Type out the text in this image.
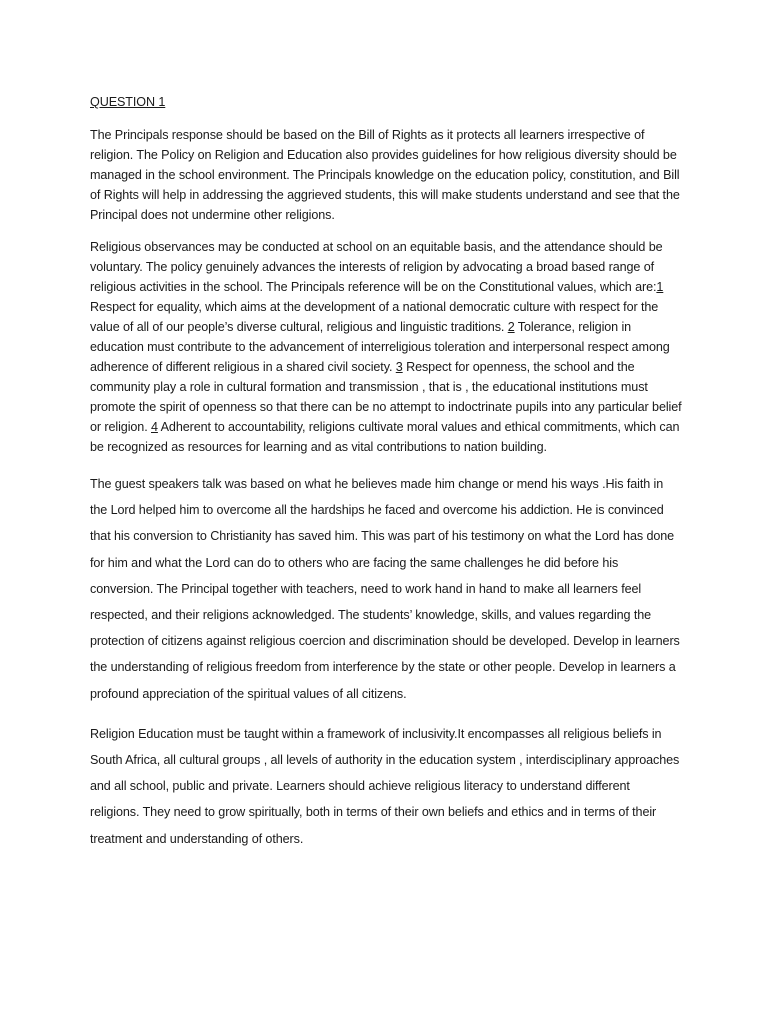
QUESTION 1

The Principals response should be based on the Bill of Rights as it protects all learners irrespective of religion. The Policy on Religion and Education also provides guidelines for how religious diversity should be managed in the school environment. The Principals knowledge on the education policy, constitution, and Bill of Rights will help in addressing the aggrieved students, this will make students understand and see that the Principal does not undermine other religions.

Religious observances may be conducted at school on an equitable basis, and the attendance should be voluntary. The policy genuinely advances the interests of religion by advocating a broad based range of religious activities in the school. The Principals reference will be on the Constitutional values, which are:1 Respect for equality, which aims at the development of a national democratic culture with respect for the value of all of our people’s diverse cultural, religious and linguistic traditions. 2 Tolerance, religion in education must contribute to the advancement of interreligious toleration and interpersonal respect among adherence of different religious in a shared civil society. 3 Respect for openness, the school and the community play a role in cultural formation and transmission , that is , the educational institutions must promote the spirit of openness so that there can be no attempt to indoctrinate pupils into any particular belief or religion. 4 Adherent to accountability, religions cultivate moral values and ethical commitments, which can be recognized as resources for learning and as vital contributions to nation building.

The guest speakers talk was based on what he believes made him change or mend his ways .His faith in the Lord helped him to overcome all the hardships he faced and overcome his addiction. He is convinced that his conversion to Christianity has saved him. This was part of his testimony on what the Lord has done for him and what the Lord can do to others who are facing the same challenges he did before his conversion. The Principal together with teachers, need to work hand in hand to make all learners feel respected, and their religions acknowledged. The students’ knowledge, skills, and values regarding the protection of citizens against religious coercion and discrimination should be developed. Develop in learners the understanding of religious freedom from interference by the state or other people. Develop in learners a profound appreciation of the spiritual values of all citizens.

Religion Education must be taught within a framework of inclusivity.It encompasses all religious beliefs in South Africa, all cultural groups , all levels of authority in the education system , interdisciplinary approaches and all school, public and private. Learners should achieve religious literacy to understand different religions. They need to grow spiritually, both in terms of their own beliefs and ethics and in terms of their treatment and understanding of others.
